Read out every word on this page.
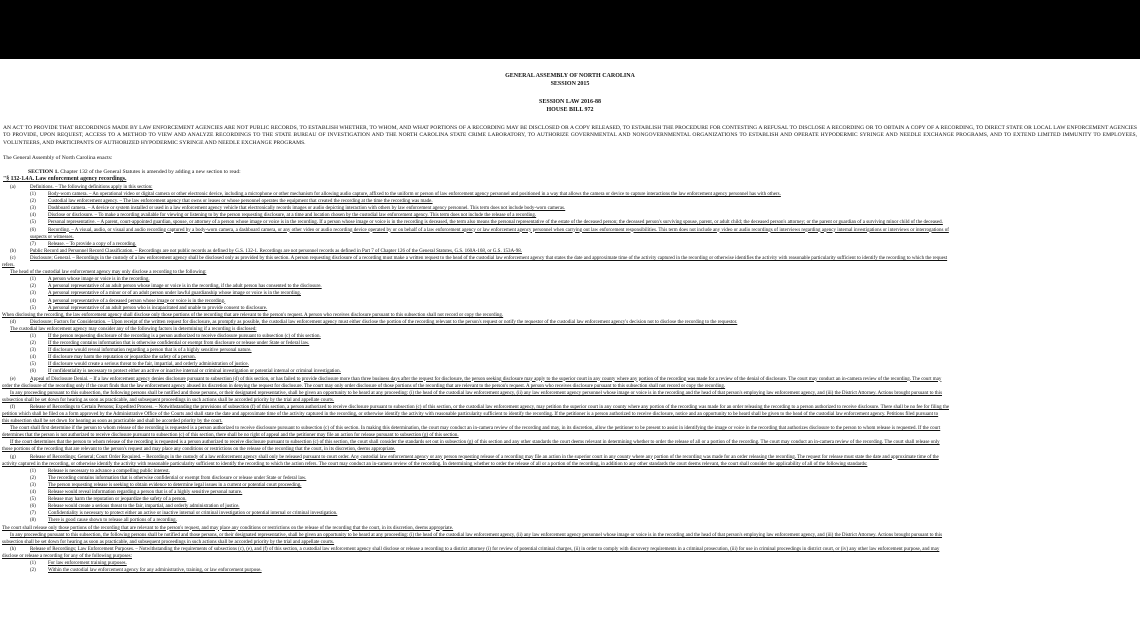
GENERAL ASSEMBLY OF NORTH CAROLINA
SESSION 2015
SESSION LAW 2016-88
HOUSE BILL 972
AN ACT TO PROVIDE THAT RECORDINGS MADE BY LAW ENFORCEMENT AGENCIES ARE NOT PUBLIC RECORDS, TO ESTABLISH WHETHER, TO WHOM, AND WHAT PORTIONS OF A RECORDING MAY BE DISCLOSED OR A COPY RELEASED, TO ESTABLISH THE PROCEDURE FOR CONTESTING A REFUSAL TO DISCLOSE A RECORDING OR TO OBTAIN A COPY OF A RECORDING, TO DIRECT STATE OR LOCAL LAW ENFORCEMENT AGENCIES TO PROVIDE, UPON REQUEST, ACCESS TO A METHOD TO VIEW AND ANALYZE RECORDINGS TO THE STATE BUREAU OF INVESTIGATION AND THE NORTH CAROLINA STATE CRIME LABORATORY, TO AUTHORIZE GOVERNMENTAL AND NONGOVERNMENTAL ORGANIZATIONS TO ESTABLISH AND OPERATE HYPODERMIC SYRINGE AND NEEDLE EXCHANGE PROGRAMS, AND TO EXTEND LIMITED IMMUNITY TO EMPLOYEES, VOLUNTEERS, AND PARTICIPANTS OF AUTHORIZED HYPODERMIC SYRINGE AND NEEDLE EXCHANGE PROGRAMS.
The General Assembly of North Carolina enacts:
SECTION 1. Chapter 132 of the General Statutes is amended by adding a new section to read:
"§ 132-1.4A. Law enforcement agency recordings.
(a)	Definitions. – The following definitions apply in this section:
(1) Body-worn camera. – An operational video or digital camera or other electronic device, including a microphone or other mechanism for allowing audio capture, affixed to the uniform or person of law enforcement agency personnel and positioned in a way that allows the camera or device to capture interactions the law enforcement agency personnel has with others.
(2) Custodial law enforcement agency. – The law enforcement agency that owns or leases or whose personnel operates the equipment that created the recording at the time the recording was made.
(3) Dashboard camera. – A device or system installed or used in a law enforcement agency vehicle that electronically records images or audio depicting interaction with others by law enforcement agency personnel. This term does not include body-worn cameras.
(4) Disclose or disclosure. – To make a recording available for viewing or listening to by the person requesting disclosure, at a time and location chosen by the custodial law enforcement agency. This term does not include the release of a recording.
(5) Personal representative. – A parent, court-appointed guardian, spouse, or attorney of a person whose image or voice is in the recording. If a person whose image or voice is in the recording is deceased, the term also means the personal representative of the estate of the deceased person; the deceased person's surviving spouse, parent, or adult child; the deceased person's attorney; or the parent or guardian of a surviving minor child of the deceased.
(6) Recording. – A visual, audio, or visual and audio recording captured by a body-worn camera, a dashboard camera, or any other video or audio recording device operated by or on behalf of a law enforcement agency or law enforcement agency personnel when carrying out law enforcement responsibilities. This term does not include any video or audio recordings of interviews regarding agency internal investigations or interviews or interrogations of
suspects or witnesses.
(7) Release. – To provide a copy of a recording.
(b)	Public Record and Personnel Record Classification. – Recordings are not public records as defined by G.S. 132-1. Recordings are not personnel records as defined in Part 7 of Chapter 126 of the General Statutes, G.S. 160A-168, or G.S. 153A-98.
(c)	Disclosure; General. – Recordings in the custody of a law enforcement agency shall be disclosed only as provided by this section. A person requesting disclosure of a recording must make a written request to the head of the custodial law enforcement agency that states the date and approximate time of the activity captured in the recording or otherwise identifies the activity with reasonable particularity sufficient to identify the recording to which the request
refers.
The head of the custodial law enforcement agency may only disclose a recording to the following:
(1) A person whose image or voice is in the recording.
(2) A personal representative of an adult person whose image or voice is in the recording, if the adult person has consented to the disclosure.
(3) A personal representative of a minor or of an adult person under lawful guardianship whose image or voice is in the recording.
(4) A personal representative of a deceased person whose image or voice is in the recording.
(5) A personal representative of an adult person who is incapacitated and unable to provide consent to disclosure.
When disclosing the recording, the law enforcement agency shall disclose only those portions of the recording that are relevant to the person's request. A person who receives disclosure pursuant to this subsection shall not record or copy the recording.
(d)	Disclosure; Factors for Consideration. – Upon receipt of the written request for disclosure, as promptly as possible, the custodial law enforcement agency must either disclose the portion of the recording relevant to the person's request or notify the requestor of the custodial law enforcement agency's decision not to disclose the recording to the requestor.
The custodial law enforcement agency may consider any of the following factors in determining if a recording is disclosed:
(1) If the person requesting disclosure of the recording is a person authorized to receive disclosure pursuant to subsection (c) of this section.
(2) If the recording contains information that is otherwise confidential or exempt from disclosure or release under State or federal law.
(3) If disclosure would reveal information regarding a person that is of a highly sensitive personal nature.
(4) If disclosure may harm the reputation or jeopardize the safety of a person.
(5) If disclosure would create a serious threat to the fair, impartial, and orderly administration of justice.
(6) If confidentiality is necessary to protect either an active or inactive internal or criminal investigation or potential internal or criminal investigation.
(e)	Appeal of Disclosure Denial. – If a law enforcement agency denies disclosure pursuant to subsection (d) of this section, or has failed to provide disclosure more than three business days after the request for disclosure, the person seeking disclosure may apply to the superior court in any county where any portion of the recording was made for a review of the denial of disclosure. The court may conduct an in-camera review of the recording. The court may
order the disclosure of the recording only if the court finds that the law enforcement agency abused its discretion in denying the request for disclosure. The court may only order disclosure of those portions of the recording that are relevant to the person's request. A person who receives disclosure pursuant to this subsection shall not record or copy the recording.
In any proceeding pursuant to this subsection, the following persons shall be notified and those persons, or their designated representative, shall be given an opportunity to be heard at any proceeding: (i) the head of the custodial law enforcement agency, (ii) any law enforcement agency personnel whose image or voice is in the recording and the head of that person's employing law enforcement agency, and (iii) the District Attorney. Actions brought pursuant to this
subsection shall be set down for hearing as soon as practicable, and subsequent proceedings in such actions shall be accorded priority by the trial and appellate courts.
(f)	Release of Recordings to Certain Persons; Expedited Process. – Notwithstanding the provisions of subsection (f) of this section, a person authorized to receive disclosure pursuant to subsection (c) of this section, or the custodial law enforcement agency, may petition the superior court in any county where any portion of the recording was made for an order releasing the recording to a person authorized to receive disclosure. There shall be no fee for filing the
petition which shall be filed on a form approved by the Administrative Office of the Courts and shall state the date and approximate time of the activity captured in the recording, or otherwise identify the activity with reasonable particularity sufficient to identify the recording. If the petitioner is a person authorized to receive disclosure, notice and an opportunity to be heard shall be given to the head of the custodial law enforcement agency. Petitions filed pursuant to
this subsection shall be set down for hearing as soon as practicable and shall be accorded priority by the court.
The court shall first determine if the person to whom release of the recording is requested is a person authorized to receive disclosure pursuant to subsection (c) of this section. In making this determination, the court may conduct an in-camera review of the recording and may, in its discretion, allow the petitioner to be present to assist in identifying the image or voice in the recording that authorizes disclosure to the person to whom release is requested. If the court
determines that the person is not authorized to receive disclosure pursuant to subsection (c) of this section, there shall be no right of appeal and the petitioner may file an action for release pursuant to subsection (g) of this section.
If the court determines that the person to whom release of the recording is requested is a person authorized to receive disclosure pursuant to subsection (c) of this section, the court shall consider the standards set out in subsection (g) of this section and any other standards the court deems relevant in determining whether to order the release of all or a portion of the recording. The court may conduct an in-camera review of the recording. The court shall release only
those portions of the recording that are relevant to the person's request and may place any conditions or restrictions on the release of the recording that the court, in its discretion, deems appropriate.
(g)	Release of Recordings; General; Court Order Required. – Recordings in the custody of a law enforcement agency shall only be released pursuant to court order. Any custodial law enforcement agency or any person requesting release of a recording may file an action in the superior court in any county where any portion of the recording was made for an order releasing the recording. The request for release must state the date and approximate time of the
activity captured in the recording, or otherwise identify the activity with reasonable particularity sufficient to identify the recording to which the action refers. The court may conduct an in-camera review of the recording. In determining whether to order the release of all or a portion of the recording, in addition to any other standards the court deems relevant, the court shall consider the applicability of all of the following standards:
(1) Release is necessary to advance a compelling public interest.
(2) The recording contains information that is otherwise confidential or exempt from disclosure or release under State or federal law.
(3) The person requesting release is seeking to obtain evidence to determine legal issues in a current or potential court proceeding.
(4) Release would reveal information regarding a person that is of a highly sensitive personal nature.
(5) Release may harm the reputation or jeopardize the safety of a person.
(6) Release would create a serious threat to the fair, impartial, and orderly administration of justice.
(7) Confidentiality is necessary to protect either an active or inactive internal or criminal investigation or potential internal or criminal investigation.
(8) There is good cause shown to release all portions of a recording.
The court shall release only those portions of the recording that are relevant to the person's request, and may place any conditions or restrictions on the release of the recording that the court, in its discretion, deems appropriate.
In any proceeding pursuant to this subsection, the following persons shall be notified and those persons, or their designated representative, shall be given an opportunity to be heard at any proceeding: (i) the head of the custodial law enforcement agency, (ii) any law enforcement agency personnel whose image or voice is in the recording and the head of that person's employing law enforcement agency, and (iii) the District Attorney. Actions brought pursuant to this
subsection shall be set down for hearing as soon as practicable, and subsequent proceedings in such actions shall be accorded priority by the trial and appellate courts.
(h)	Release of Recordings; Law Enforcement Purposes. – Notwithstanding the requirements of subsections (c), (e), and (f) of this section, a custodial law enforcement agency shall disclose or release a recording to a district attorney (i) for review of potential criminal charges, (ii) in order to comply with discovery requirements in a criminal prosecution, (iii) for use in criminal proceedings in district court, or (iv) any other law enforcement purpose, and may
disclose or release a recording for any of the following purposes:
(1) For law enforcement training purposes.
(2) Within the custodial law enforcement agency for any administrative, training, or law enforcement purpose.
